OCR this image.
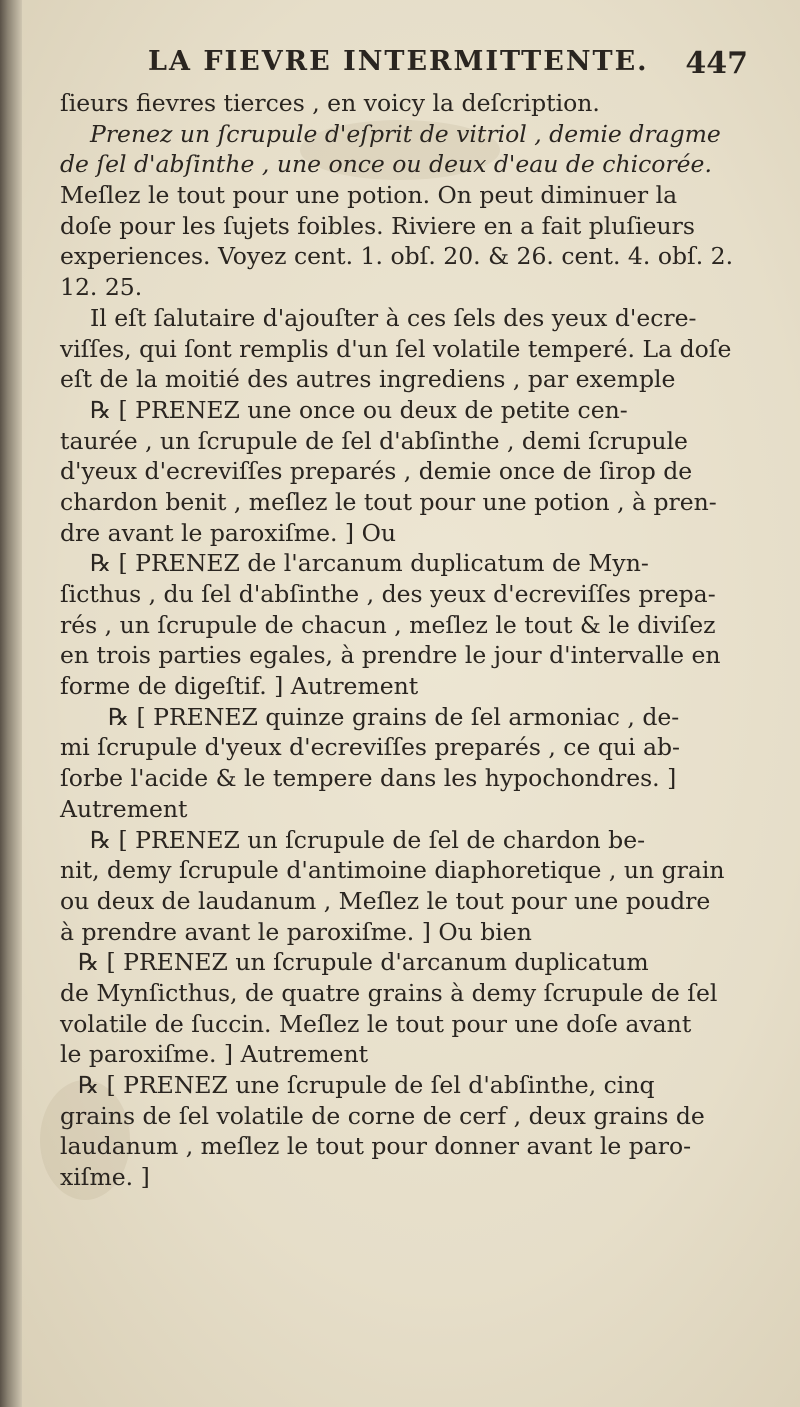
LA FIEVRE INTERMITTENTE. 447
ſieurs fievres tierces , en voicy la deſcription.
Prenez un ſcrupule d'eſprit de vitriol , demie dragme
de ſel d'abſinthe , une once ou deux d'eau de chicorée.
Meſlez le tout pour une potion. On peut diminuer la
doſe pour les ſujets foibles. Riviere en a fait pluſieurs
experiences. Voyez cent. 1. obſ. 20. & 26. cent. 4. obſ. 2.
12. 25.
Il eſt ſalutaire d'ajouſter à ces ſels des yeux d'ecre-
viſſes, qui ſont remplis d'un ſel volatile temperé. La doſe
eſt de la moitié des autres ingrediens , par exemple
℞ [ PRENEZ une once ou deux de petite cen-
taurée , un ſcrupule de ſel d'abſinthe , demi ſcrupule
d'yeux d'ecreviſſes preparés , demie once de ſirop de
chardon benit , meſlez le tout pour une potion , à pren-
dre avant le paroxiſme. ] Ou
℞ [ PRENEZ de l'arcanum duplicatum de Myn-
ſicthus , du ſel d'abſinthe , des yeux d'ecreviſſes prepa-
rés , un ſcrupule de chacun , meſlez le tout & le diviſez
en trois parties egales, à prendre le jour d'intervalle en
forme de digeſtif. ] Autrement
℞ [ PRENEZ quinze grains de ſel armoniac , de-
mi ſcrupule d'yeux d'ecreviſſes preparés , ce qui ab-
ſorbe l'acide & le tempere dans les hypochondres. ]
Autrement
℞ [ PRENEZ un ſcrupule de ſel de chardon be-
nit, demy ſcrupule d'antimoine diaphoretique , un grain
ou deux de laudanum , Meſlez le tout pour une poudre
à prendre avant le paroxiſme. ] Ou bien
℞ [ PRENEZ un ſcrupule d'arcanum duplicatum
de Mynſicthus, de quatre grains à demy ſcrupule de ſel
volatile de ſuccin. Meſlez le tout pour une doſe avant
le paroxiſme. ] Autrement
℞ [ PRENEZ une ſcrupule de ſel d'abſinthe, cinq
grains de ſel volatile de corne de cerf , deux grains de
laudanum , meſlez le tout pour donner avant le paro-
xiſme. ]
